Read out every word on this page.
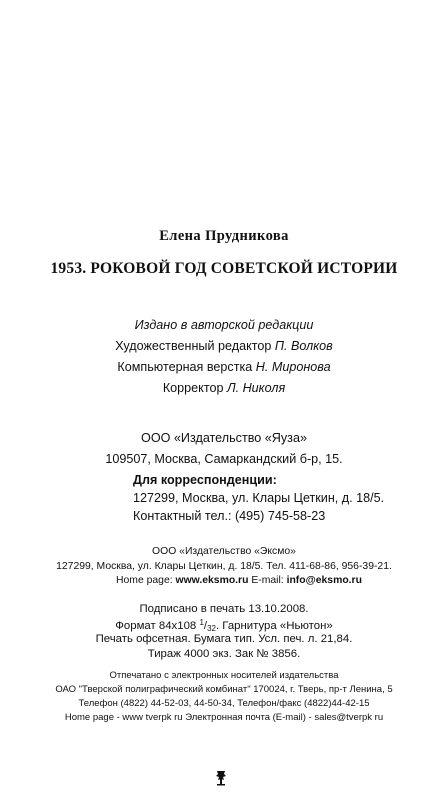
Елена Прудникова
1953. РОКОВОЙ ГОД СОВЕТСКОЙ ИСТОРИИ
Издано в авторской редакции
Художественный редактор П. Волков
Компьютерная верстка Н. Миронова
Корректор Л. Николя
ООО «Издательство «Яуза»
109507, Москва, Самаркандский б-р, 15.
Для корреспонденции:
127299, Москва, ул. Клары Цеткин, д. 18/5.
Контактный тел.: (495) 745-58-23
ООО «Издательство «Эксмо»
127299, Москва, ул. Клары Цеткин, д. 18/5. Тел. 411-68-86, 956-39-21.
Home page: www.eksmo.ru E-mail: info@eksmo.ru
Подписано в печать 13.10.2008.
Формат 84x108 $^1/_{32}$. Гарнитура «Ньютон»
Печать офсетная. Бумага тип. Усл. печ. л. 21,84.
Тираж 4000 экз. Зак № 3856.
Отпечатано с электронных носителей издательства
ОАО "Тверской полиграфический комбинат" 170024, г. Тверь, пр-т Ленина, 5
Телефон (4822) 44-52-03, 44-50-34, Телефон/факс (4822)44-42-15
Home page - www tverpk ru Электронная почта (E-mail) - sales@tverpk ru
